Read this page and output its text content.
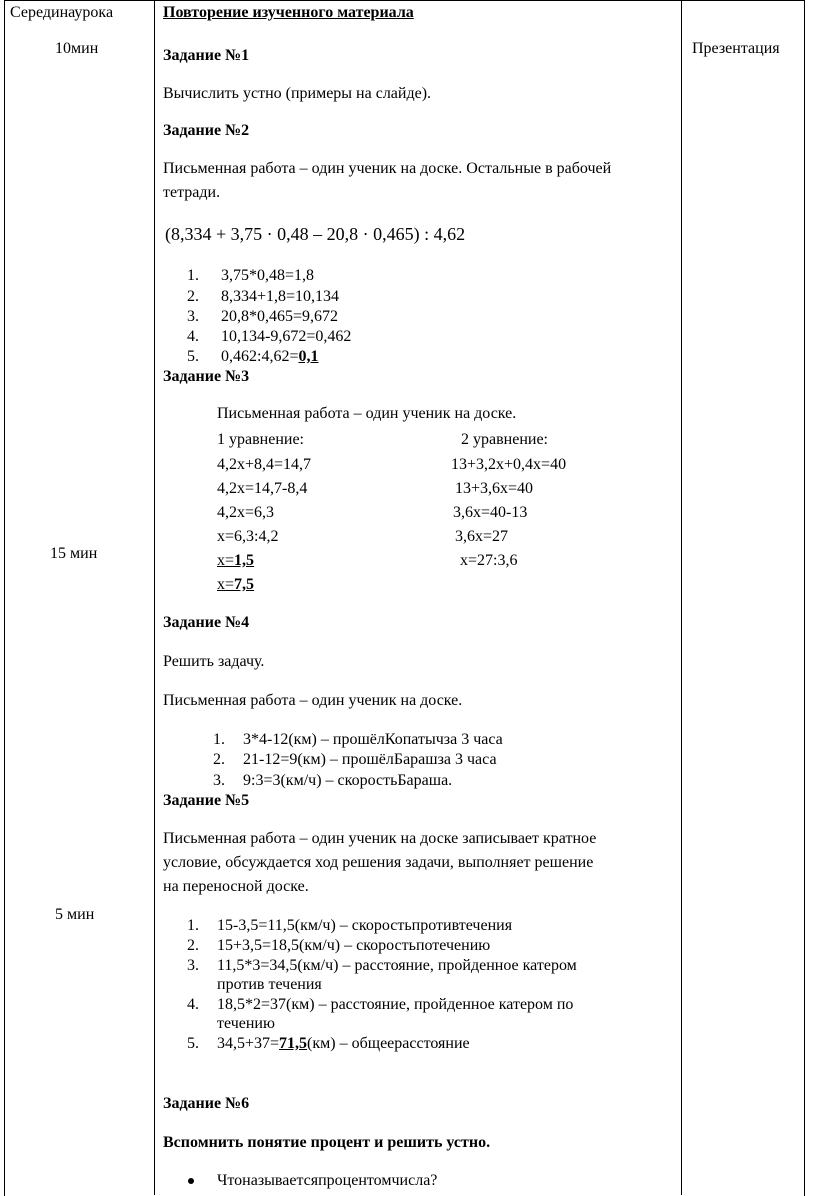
Серединаурока
10мин
15 мин
5 мин
Презентация
Повторение изученного материала
Задание №1
Вычислить устно (примеры на слайде).
Задание №2
Письменная работа – один ученик на доске. Остальные в рабочей
тетради.
(8,334 + 3,75 · 0,48 – 20,8 · 0,465) : 4,62
1. 3,75*0,48=1,8
2. 8,334+1,8=10,134
3. 20,8*0,465=9,672
4. 10,134-9,672=0,462
5. 0,462:4,62=0,1
Задание №3
Письменная работа – один ученик на доске.
1 уравнение:
4,2x+8,4=14,7
4,2x=14,7-8,4
4,2x=6,3
x=6,3:4,2
x=1,5
x=7,5
2 уравнение:
13+3,2x+0,4x=40
13+3,6x=40
3,6x=40-13
3,6x=27
x=27:3,6
Задание №4
Решить задачу.
Письменная работа – один ученик на доске.
1. 3*4-12(км) – прошёлКопатычза 3 часа
2. 21-12=9(км) – прошёлБарашза 3 часа
3. 9:3=3(км/ч) – скоростьБараша.
Задание №5
Письменная работа – один ученик на доске записывает кратное
условие, обсуждается ход решения задачи, выполняет решение
на переносной доске.
1. 15-3,5=11,5(км/ч) – скоростьпротивтечения
2. 15+3,5=18,5(км/ч) – скоростьпотечению
3. 11,5*3=34,5(км/ч) – расстояние, пройденное катером
против течения
4. 18,5*2=37(км) – расстояние, пройденное катером по
течению
5. 34,5+37=71,5(км) – общеерасстояние
Задание №6
Вспомнить понятие процент и решить устно.
Чтоназываетсяпроцентомчисла?
